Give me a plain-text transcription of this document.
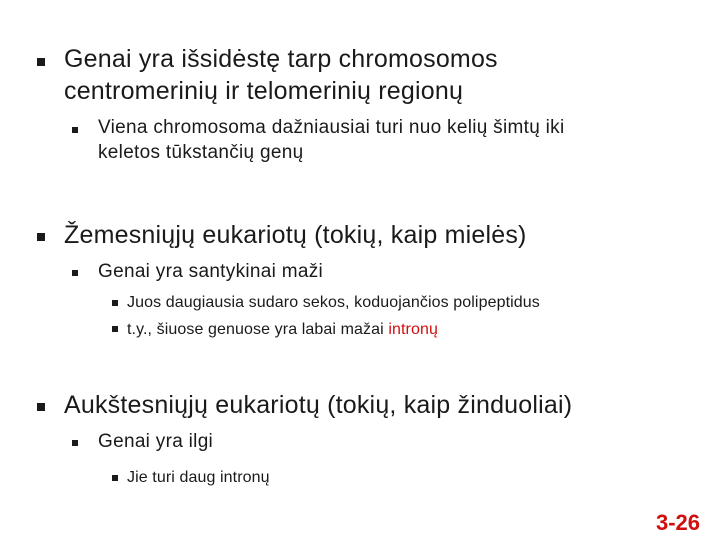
Genai yra išsidėstę tarp chromosomos
centromerinių ir telomerinių regionų
Viena chromosoma dažniausiai turi nuo kelių šimtų iki
keletos tūkstančių genų
Žemesniųjų eukariotų (tokių, kaip mielės)
Genai yra santykinai maži
Juos daugiausia sudaro sekos, koduojančios polipeptidus
t.y., šiuose genuose yra labai mažai intronų
Aukštesniųjų eukariotų (tokių, kaip žinduoliai)
Genai yra ilgi
Jie turi daug intronų
3-26
